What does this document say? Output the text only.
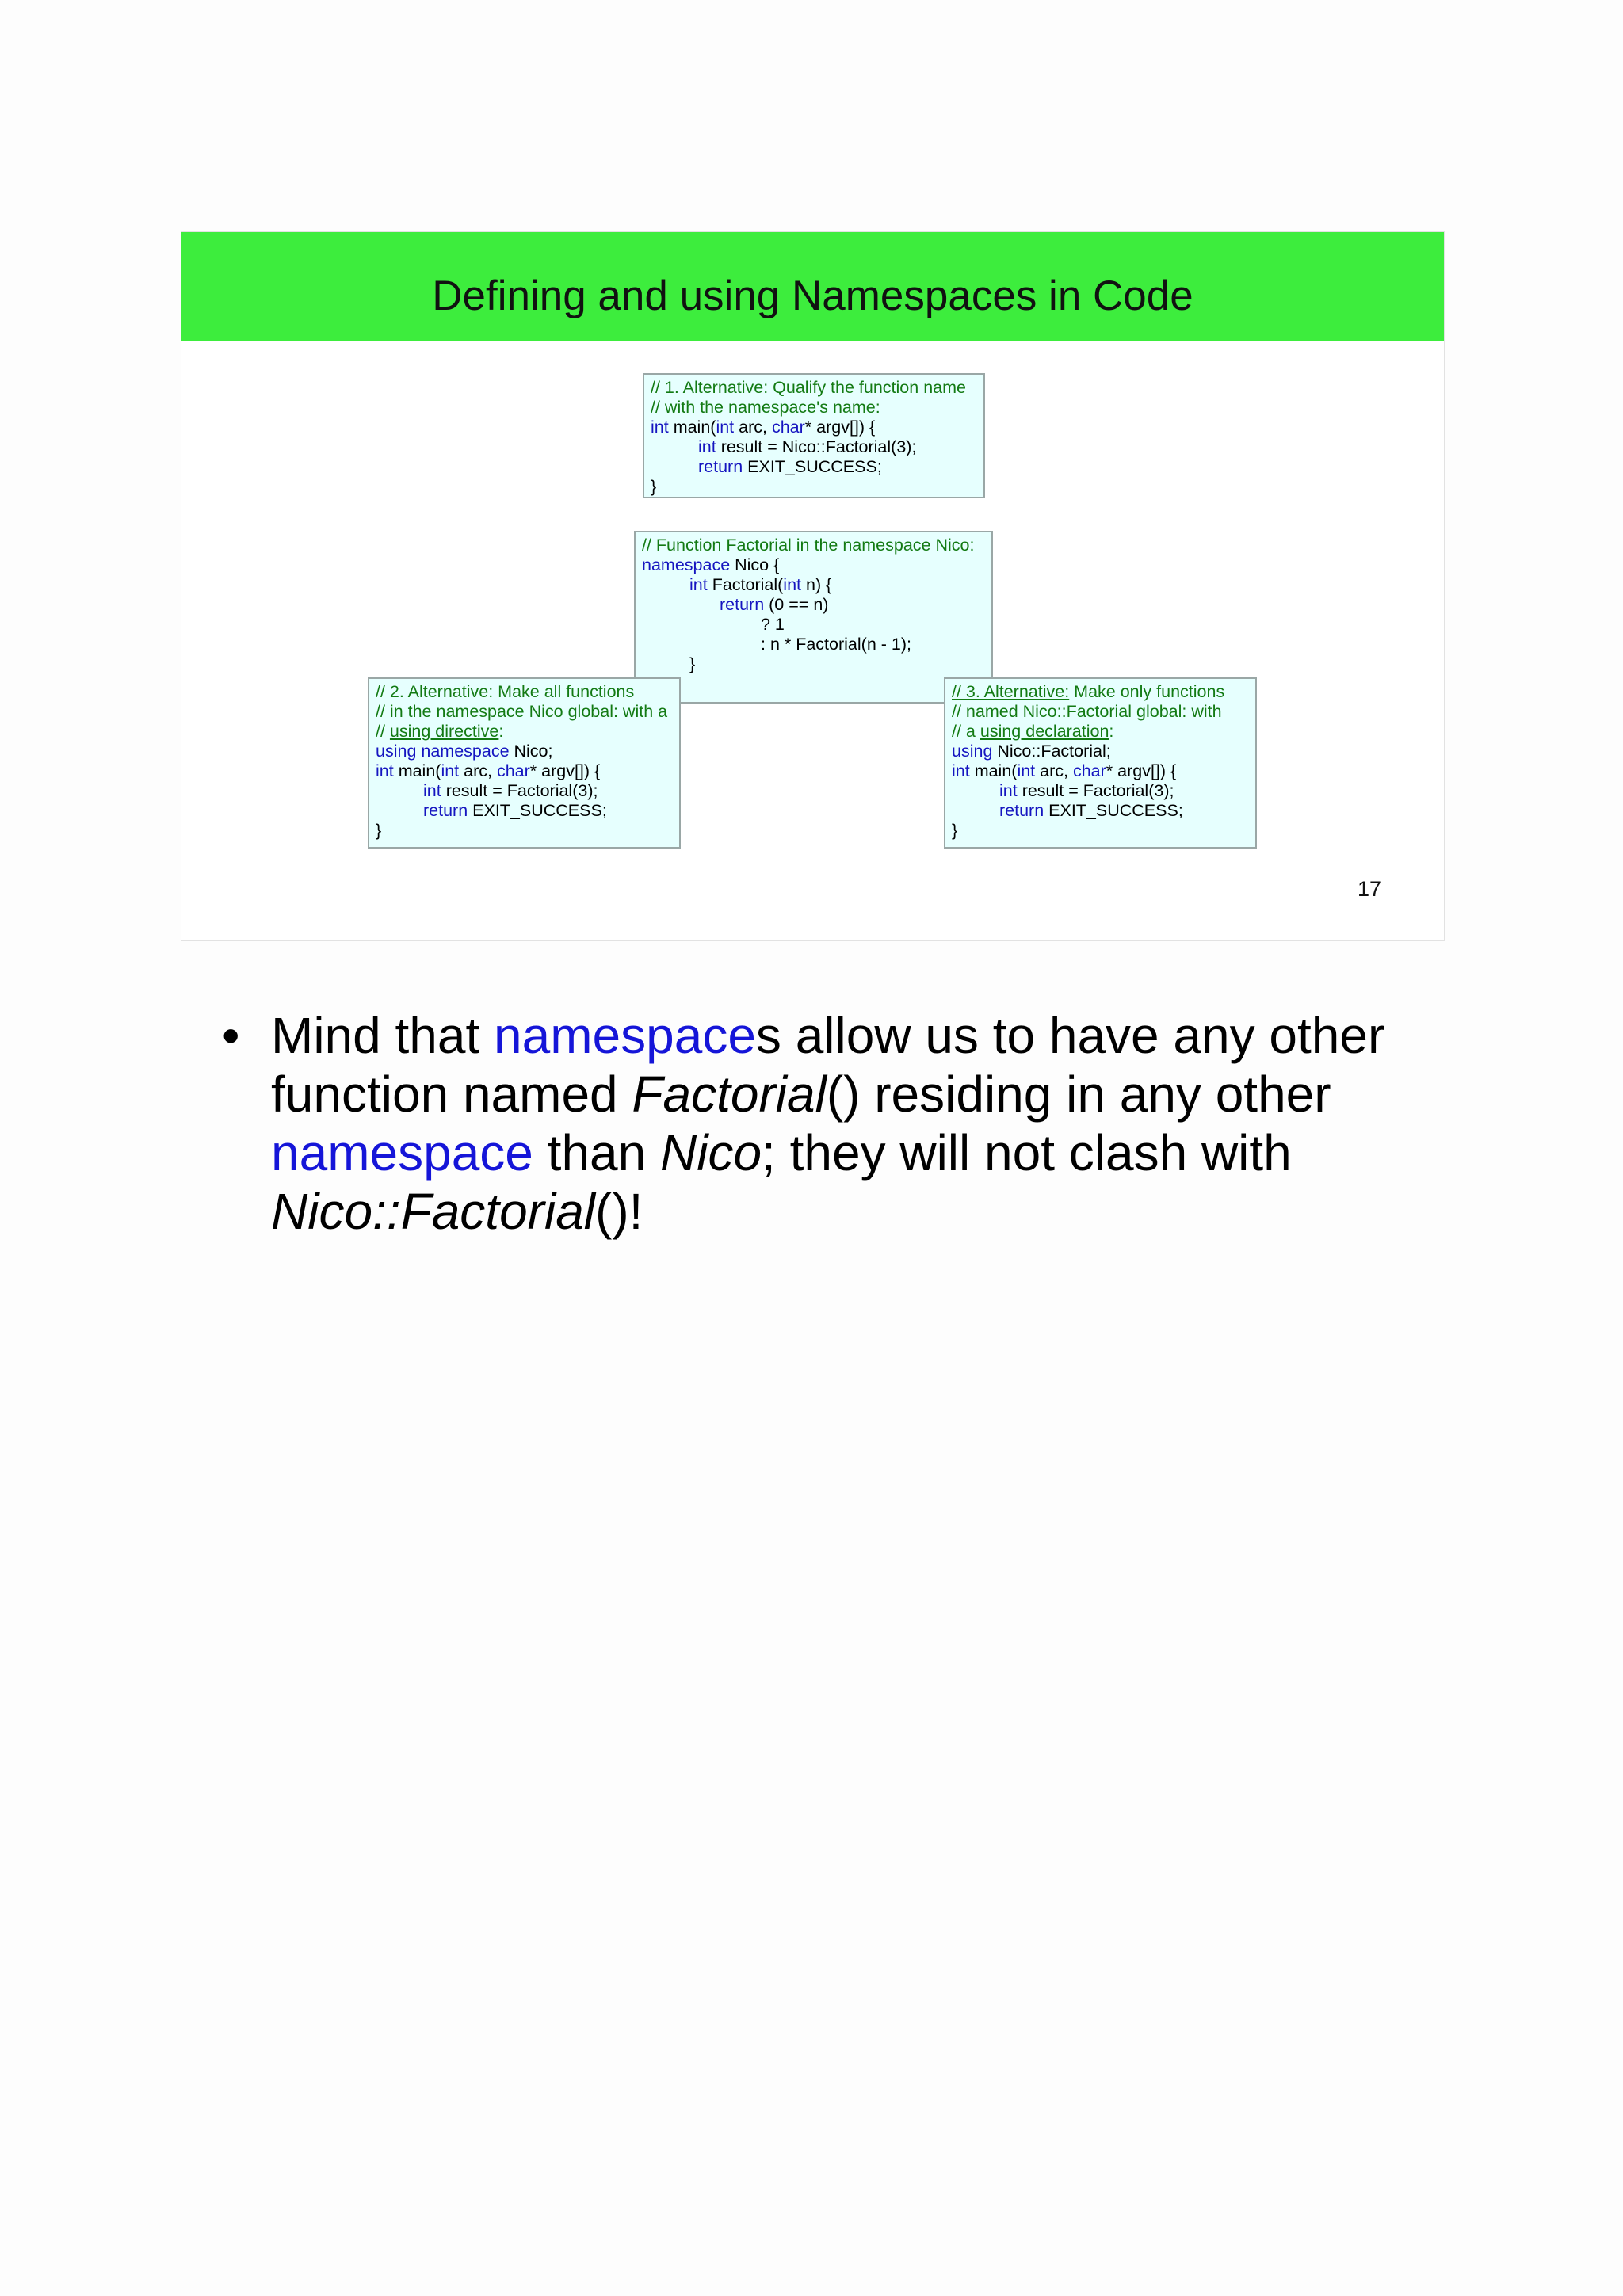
Defining and using Namespaces in Code
// 1. Alternative: Qualify the function name
// with the namespace's name:
int main(int arc, char* argv[]) {
int result = Nico::Factorial(3);
return EXIT_SUCCESS;
}
// Function Factorial in the namespace Nico:
namespace Nico {
int Factorial(int n) {
return (0 == n)
? 1
: n * Factorial(n - 1);
}
// 2. Alternative: Make all functions
// in the namespace Nico global: with a
// using directive:
using namespace Nico;
int main(int arc, char* argv[]) {
int result = Factorial(3);
return EXIT_SUCCESS;
}
// 3. Alternative: Make only functions
// named Nico::Factorial global: with
// a using declaration:
using Nico::Factorial;
int main(int arc, char* argv[]) {
int result = Factorial(3);
return EXIT_SUCCESS;
}
17
• Mind that namespaces allow us to have any other function named Factorial() residing in any other namespace than Nico; they will not clash with Nico::Factorial()!
